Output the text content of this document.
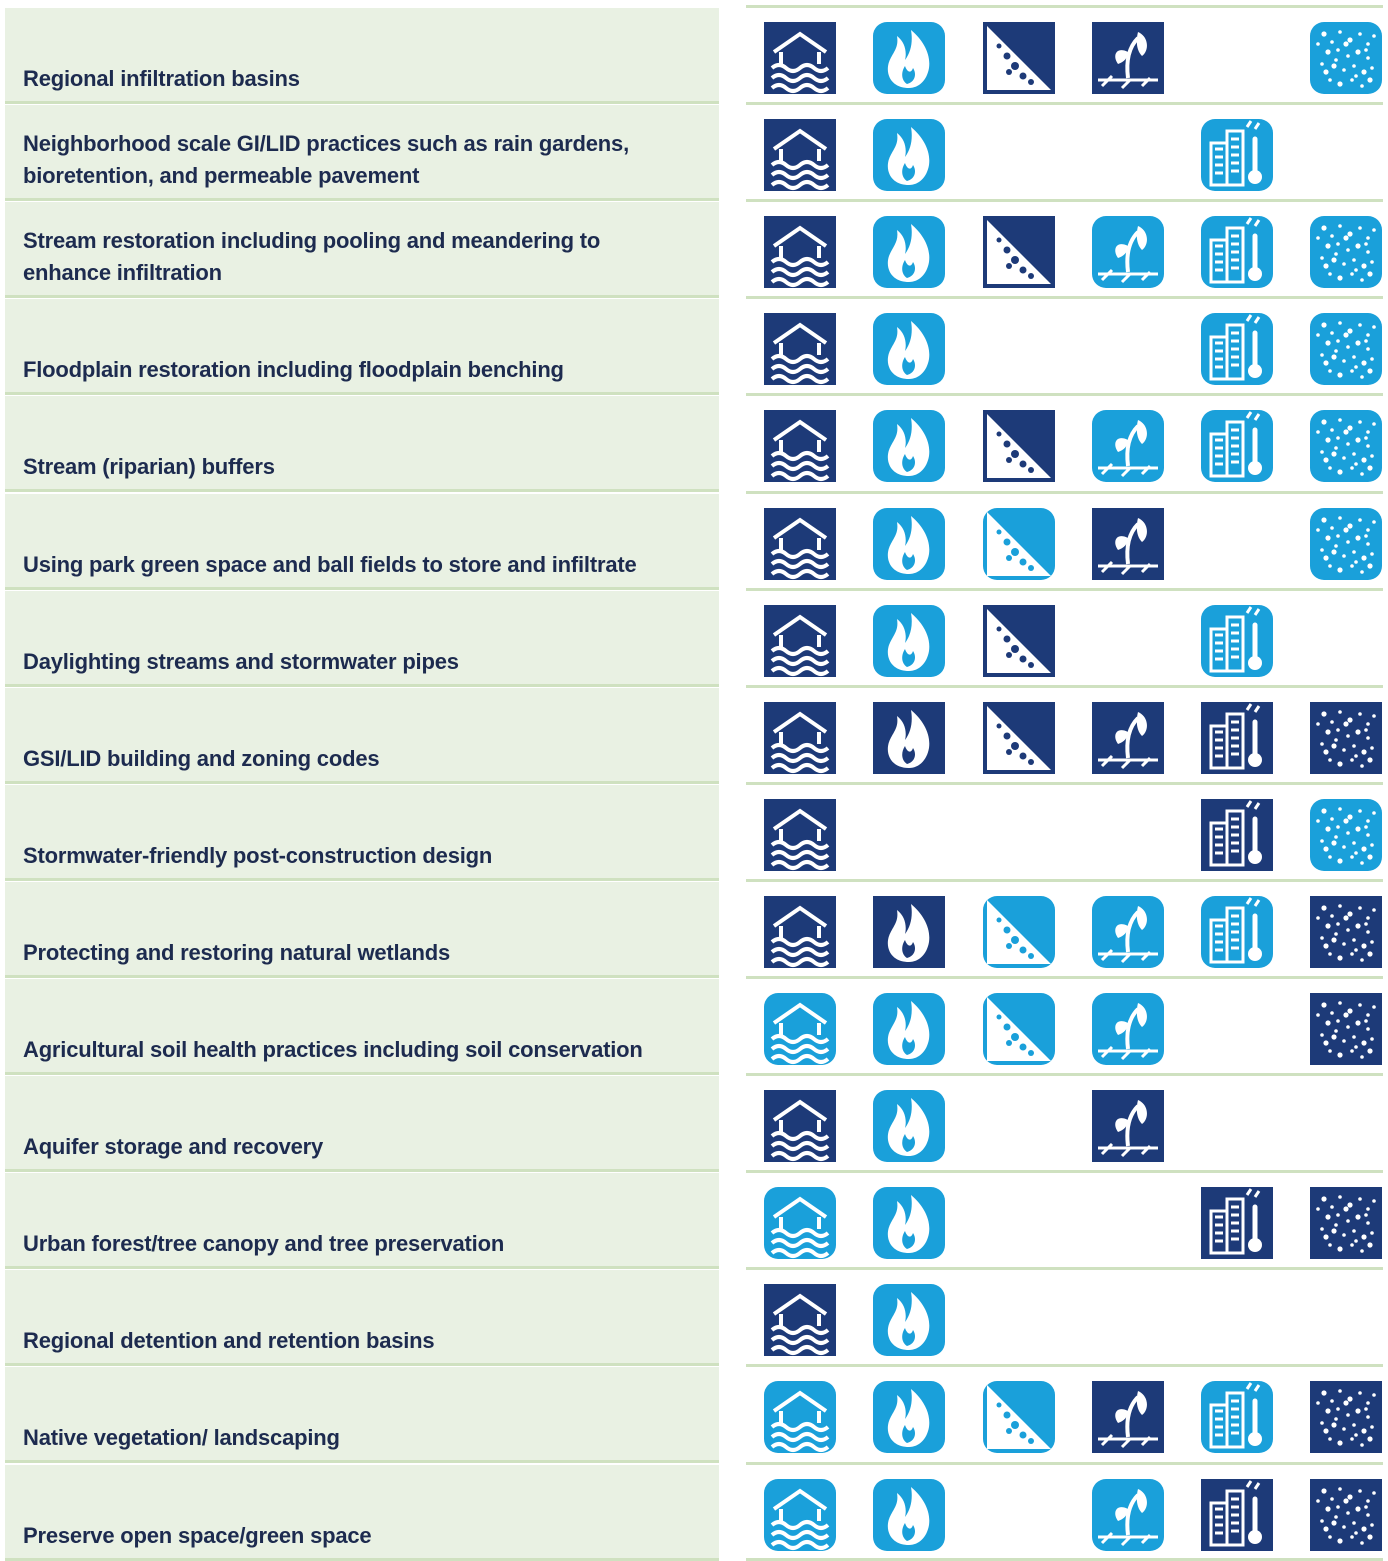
Regional infiltration basins
Neighborhood scale GI/LID practices such as rain gardens, bioretention, and permeable pavement
Stream restoration including pooling and meandering to enhance infiltration
Floodplain restoration including floodplain benching
Stream (riparian) buffers
Using park green space and ball fields to store and infiltrate
Daylighting streams and stormwater pipes
GSI/LID building and zoning codes
Stormwater-friendly post-construction design
Protecting and restoring natural wetlands
Agricultural soil health practices including soil conservation
Aquifer storage and recovery
Urban forest/tree canopy and tree preservation
Regional detention and retention basins
Native vegetation/ landscaping
Preserve open space/green space
